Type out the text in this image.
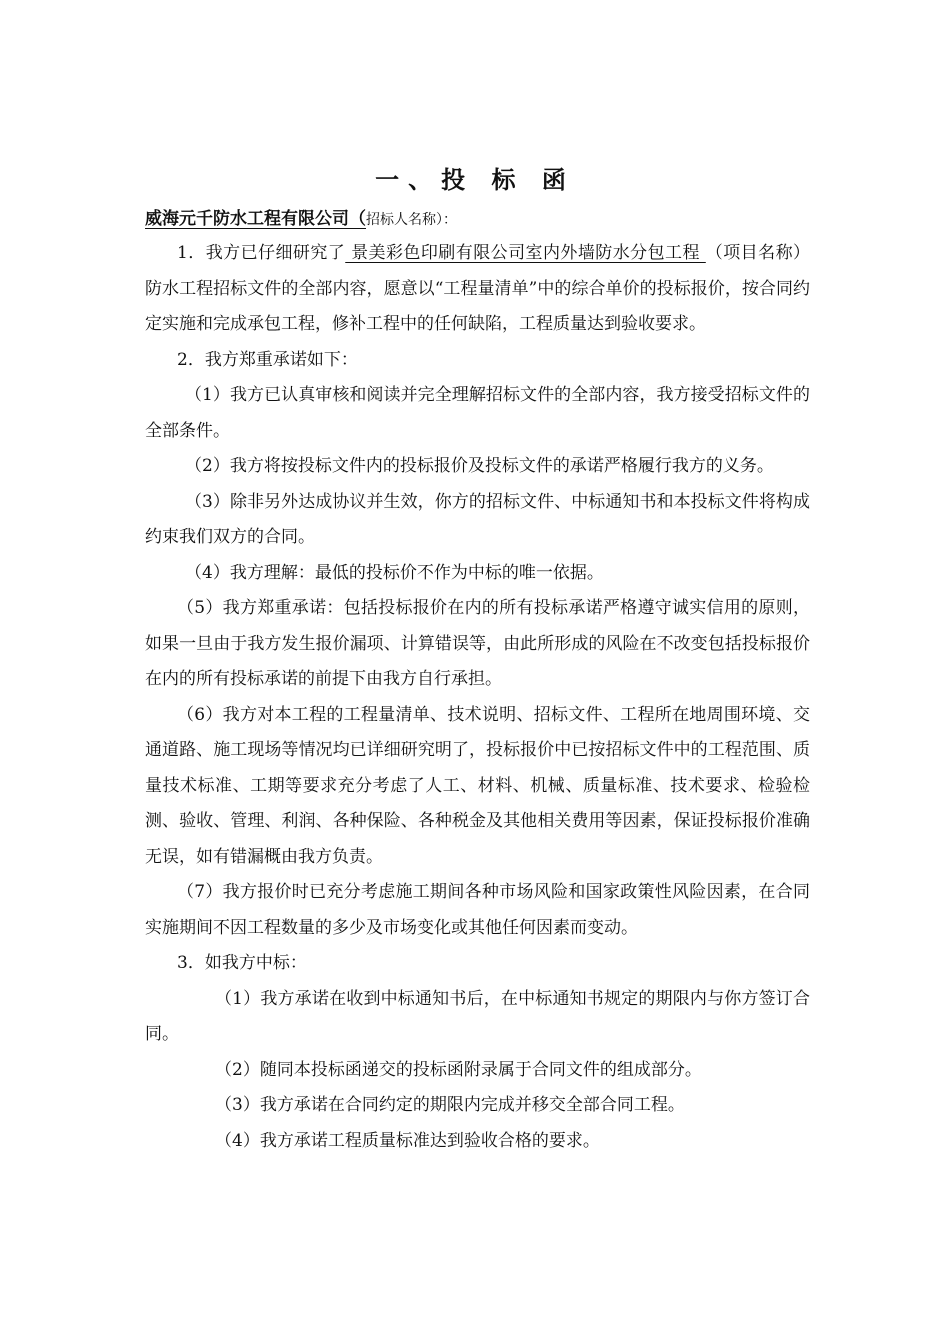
一、投 标 函
威海元千防水工程有限公司（招标人名称）：

1．我方已仔细研究了 景美彩色印刷有限公司室内外墙防水分包工程 （项目名称）防水工程招标文件的全部内容，愿意以“工程量清单”中的综合单价的投标报价，按合同约定实施和完成承包工程，修补工程中的任何缺陷，工程质量达到验收要求。

2．我方郑重承诺如下：

（1）我方已认真审核和阅读并完全理解招标文件的全部内容，我方接受招标文件的全部条件。

（2）我方将按投标文件内的投标报价及投标文件的承诺严格履行我方的义务。

（3）除非另外达成协议并生效，你方的招标文件、中标通知书和本投标文件将构成约束我们双方的合同。

（4）我方理解：最低的投标价不作为中标的唯一依据。

（5）我方郑重承诺：包括投标报价在内的所有投标承诺严格遵守诚实信用的原则，如果一旦由于我方发生报价漏项、计算错误等，由此所形成的风险在不改变包括投标报价在内的所有投标承诺的前提下由我方自行承担。

（6）我方对本工程的工程量清单、技术说明、招标文件、工程所在地周围环境、交通道路、施工现场等情况均已详细研究明了，投标报价中已按招标文件中的工程范围、质量技术标准、工期等要求充分考虑了人工、材料、机械、质量标准、技术要求、检验检测、验收、管理、利润、各种保险、各种税金及其他相关费用等因素，保证投标报价准确无误，如有错漏概由我方负责。

（7）我方报价时已充分考虑施工期间各种市场风险和国家政策性风险因素，在合同实施期间不因工程数量的多少及市场变化或其他任何因素而变动。

3．如我方中标：

（1）我方承诺在收到中标通知书后，在中标通知书规定的期限内与你方签订合同。

（2）随同本投标函递交的投标函附录属于合同文件的组成部分。

（3）我方承诺在合同约定的期限内完成并移交全部合同工程。

（4）我方承诺工程质量标准达到验收合格的要求。
